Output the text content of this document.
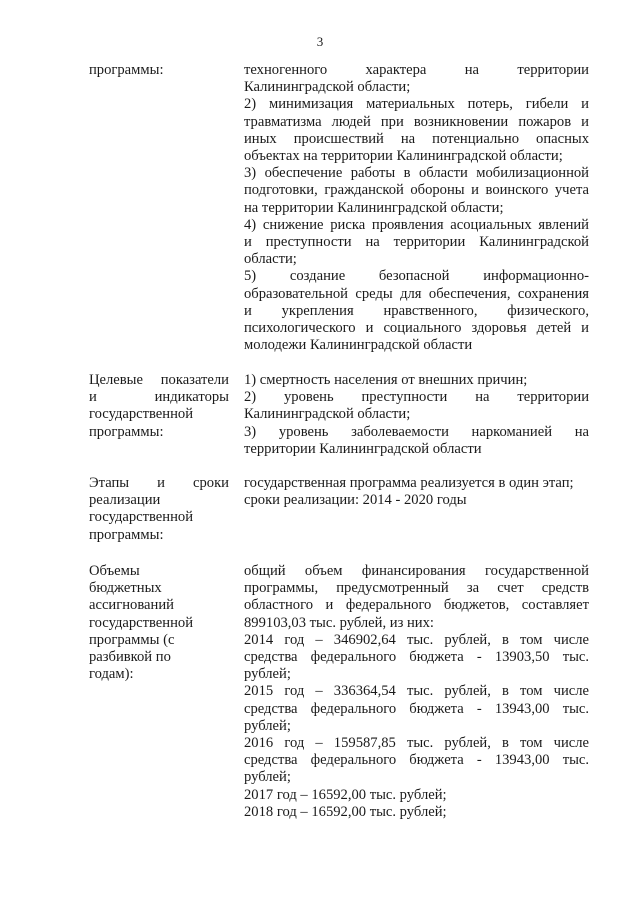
3

программы:	техногенного характера на территории

Калининградской области;

2) минимизация материальных потерь, гибели и

травматизма людей при возникновении пожаров и

иных происшествий на потенциально опасных

объектах на территории Калининградской области;

3) обеспечение работы в области мобилизационной

подготовки, гражданской обороны и воинского учета

на территории Калининградской области;

4) снижение риска проявления асоциальных явлений

и преступности на территории Калининградской

области;

5) создание безопасной информационно-

образовательной среды для обеспечения, сохранения

и укрепления нравственного, физического,

психологического и социального здоровья детей и

молодежи Калининградской области

Целевые показатели

и индикаторы

государственной

программы:

1) смертность населения от внешних причин;

2) уровень преступности на территории

Калининградской области;

3) уровень заболеваемости наркоманией на

территории Калининградской области

Этапы и сроки

реализации

государственной

программы:

государственная программа реализуется в один этап;

сроки реализации: 2014 - 2020 годы

Объемы

бюджетных

ассигнований

государственной

программы (с

разбивкой по

годам):

общий объем финансирования государственной

программы, предусмотренный за счет средств

областного и федерального бюджетов, составляет

899103,03 тыс. рублей, из них:

2014 год – 346902,64 тыс. рублей, в том числе

средства федерального бюджета - 13903,50 тыс.

рублей;

2015 год – 336364,54 тыс. рублей, в том числе

средства федерального бюджета - 13943,00 тыс.

рублей;

2016 год – 159587,85 тыс. рублей, в том числе

средства федерального бюджета - 13943,00 тыс.

рублей;

2017 год – 16592,00 тыс. рублей;

2018 год – 16592,00 тыс. рублей;
